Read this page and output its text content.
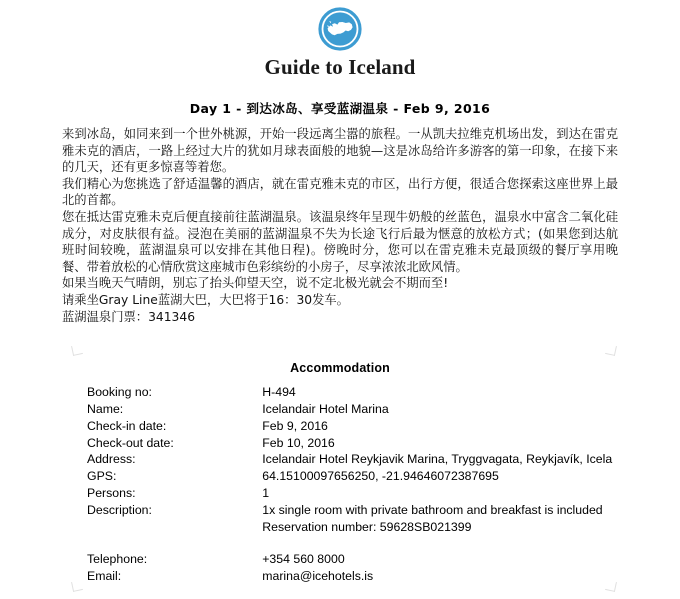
Guide to Iceland
Day 1 - 到达冰岛、享受蓝湖温泉 - Feb 9, 2016

来到冰岛，如同来到一个世外桃源，开始一段远离尘嚣的旅程。一从凯夫拉维克机场出发，到达在雷克雅未克的酒店，一路上经过大片的犹如月球表面般的地貌—这是冰岛给许多游客的第一印象，在接下来的几天，还有更多惊喜等着您。

我们精心为您挑选了舒适温馨的酒店，就在雷克雅未克的市区，出行方便，很适合您探索这座世界上最北的首都。

您在抵达雷克雅未克后便直接前往蓝湖温泉。该温泉终年呈现牛奶般的丝蓝色，温泉水中富含二氧化硅成分，对皮肤很有益。浸泡在美丽的蓝湖温泉不失为长途飞行后最为惬意的放松方式；(如果您到达航班时间较晚，蓝湖温泉可以安排在其他日程)。傍晚时分，您可以在雷克雅未克最顶级的餐厅享用晚餐、带着放松的心情欣赏这座城市色彩缤纷的小房子，尽享浓浓北欧风情。

如果当晚天气晴朗，别忘了抬头仰望天空，说不定北极光就会不期而至!

请乘坐Gray Line蓝湖大巴，大巴将于16：30发车。

蓝湖温泉门票：341346

Accommodation
Booking no:	H-494
Name:	Icelandair Hotel Marina
Check-in date:	Feb 9, 2016
Check-out date:	Feb 10, 2016
Address:	Icelandair Hotel Reykjavik Marina, Tryggvagata, Reykjavík, Icela
GPS:	64.15100097656250, -21.94646072387695
Persons:	1
Description:	1x single room with private bathroom and breakfast is included
Reservation number: 59628SB021399

Telephone:	+354 560 8000
Email:	marina@icehotels.is
